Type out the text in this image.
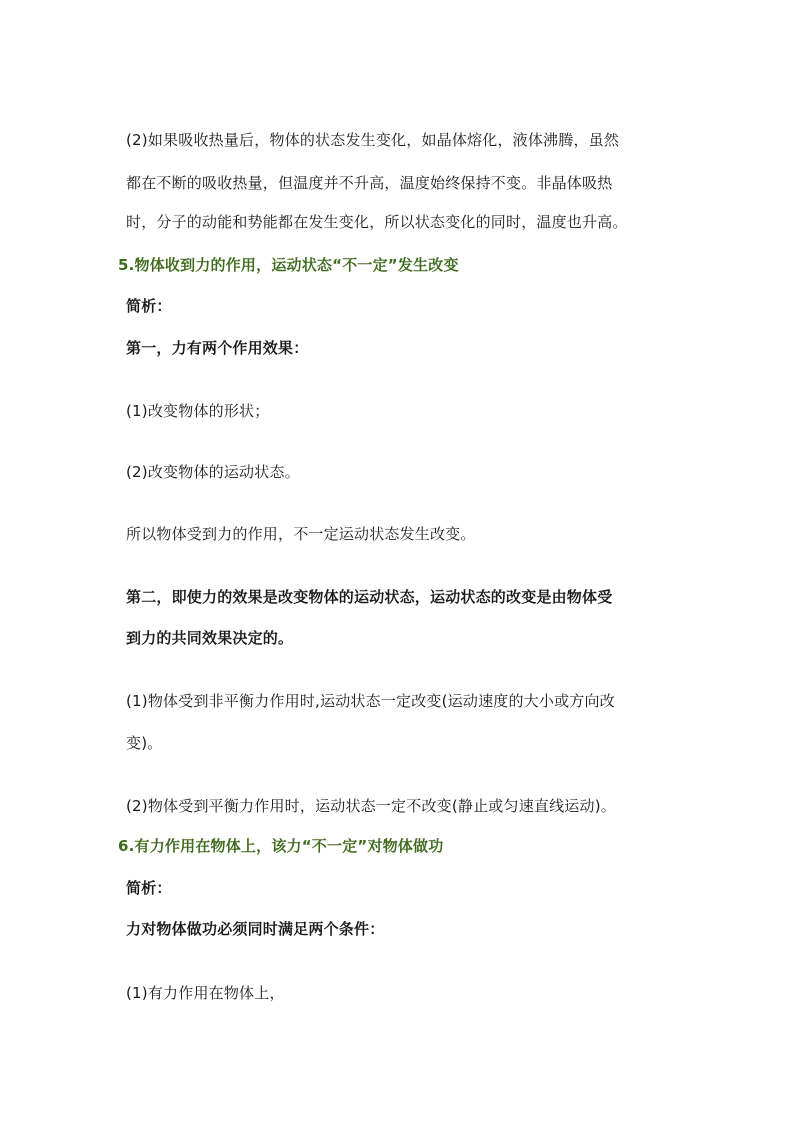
(2)如果吸收热量后，物体的状态发生变化，如晶体熔化，液体沸腾，虽然
都在不断的吸收热量，但温度并不升高，温度始终保持不变。非晶体吸热
时，分子的动能和势能都在发生变化，所以状态变化的同时，温度也升高。
5.物体收到力的作用，运动状态“不一定”发生改变
简析：
第一，力有两个作用效果：
(1)改变物体的形状；
(2)改变物体的运动状态。
所以物体受到力的作用，不一定运动状态发生改变。
第二，即使力的效果是改变物体的运动状态，运动状态的改变是由物体受
到力的共同效果决定的。
(1)物体受到非平衡力作用时,运动状态一定改变(运动速度的大小或方向改
变)。
(2)物体受到平衡力作用时，运动状态一定不改变(静止或匀速直线运动)。
6.有力作用在物体上，该力“不一定”对物体做功
简析：
力对物体做功必须同时满足两个条件：
(1)有力作用在物体上，
